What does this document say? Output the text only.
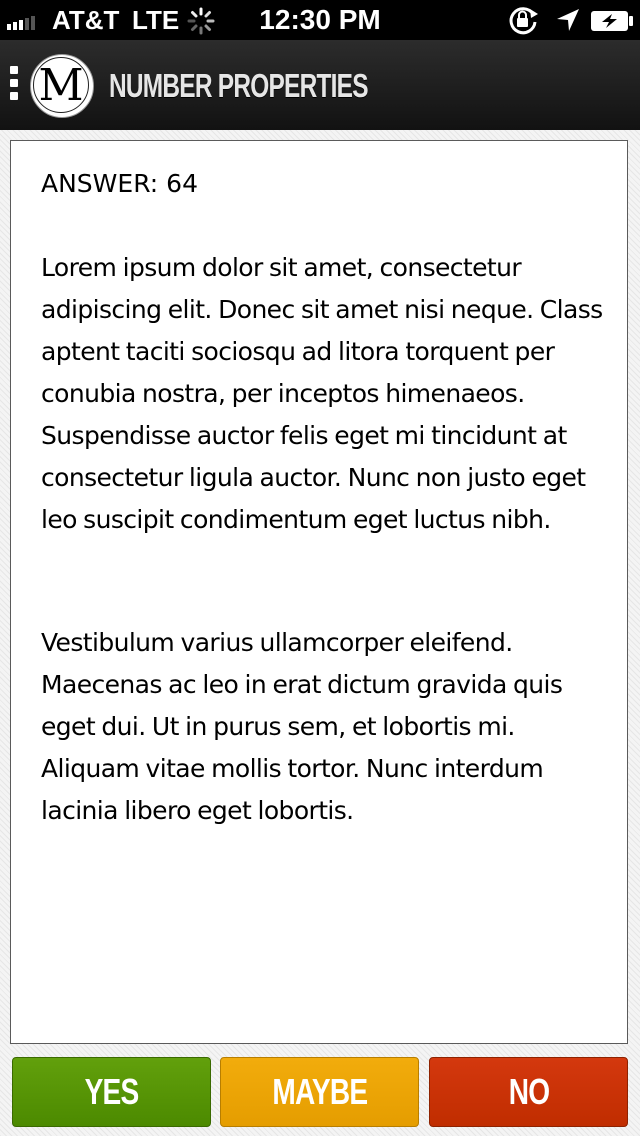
AT&T LTE	12:30 PM
M NUMBER PROPERTIES
ANSWER: 64

Lorem ipsum dolor sit amet, consectetur adipiscing elit. Donec sit amet nisi neque. Class aptent taciti sociosqu ad litora torquent per conubia nostra, per inceptos himenaeos. Suspendisse auctor felis eget mi tincidunt at consectetur ligula auctor. Nunc non justo eget leo suscipit condimentum eget luctus nibh.

Vestibulum varius ullamcorper eleifend. Maecenas ac leo in erat dictum gravida quis eget dui. Ut in purus sem, et lobortis mi. Aliquam vitae mollis tortor. Nunc interdum lacinia libero eget lobortis.

YES	MAYBE	NO
